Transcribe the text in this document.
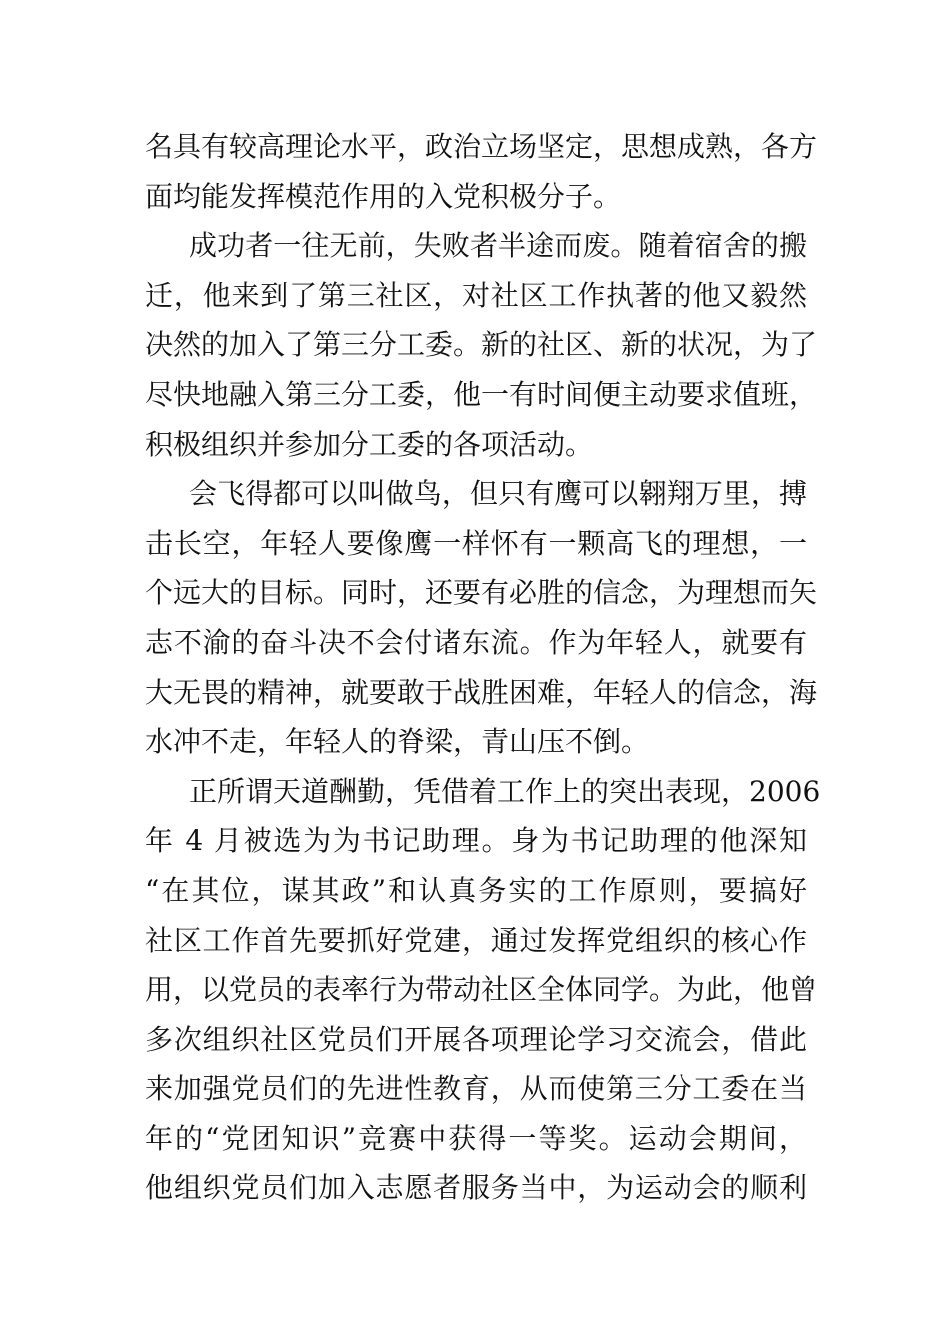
名具有较高理论水平，政治立场坚定，思想成熟，各方
面均能发挥模范作用的入党积极分子。
成功者一往无前，失败者半途而废。随着宿舍的搬
迁，他来到了第三社区，对社区工作执著的他又毅然
决然的加入了第三分工委。新的社区、新的状况，为了
尽快地融入第三分工委，他一有时间便主动要求值班，
积极组织并参加分工委的各项活动。
会飞得都可以叫做鸟，但只有鹰可以翱翔万里，搏
击长空，年轻人要像鹰一样怀有一颗高飞的理想，一
个远大的目标。同时，还要有必胜的信念，为理想而矢
志不渝的奋斗决不会付诸东流。作为年轻人，就要有
大无畏的精神，就要敢于战胜困难，年轻人的信念，海
水冲不走，年轻人的脊梁，青山压不倒。
正所谓天道酬勤，凭借着工作上的突出表现，2006
年 4 月被选为为书记助理。身为书记助理的他深知
“在其位，谋其政”和认真务实的工作原则，要搞好
社区工作首先要抓好党建，通过发挥党组织的核心作
用，以党员的表率行为带动社区全体同学。为此，他曾
多次组织社区党员们开展各项理论学习交流会，借此
来加强党员们的先进性教育，从而使第三分工委在当
年的“党团知识”竞赛中获得一等奖。运动会期间，
他组织党员们加入志愿者服务当中，为运动会的顺利
